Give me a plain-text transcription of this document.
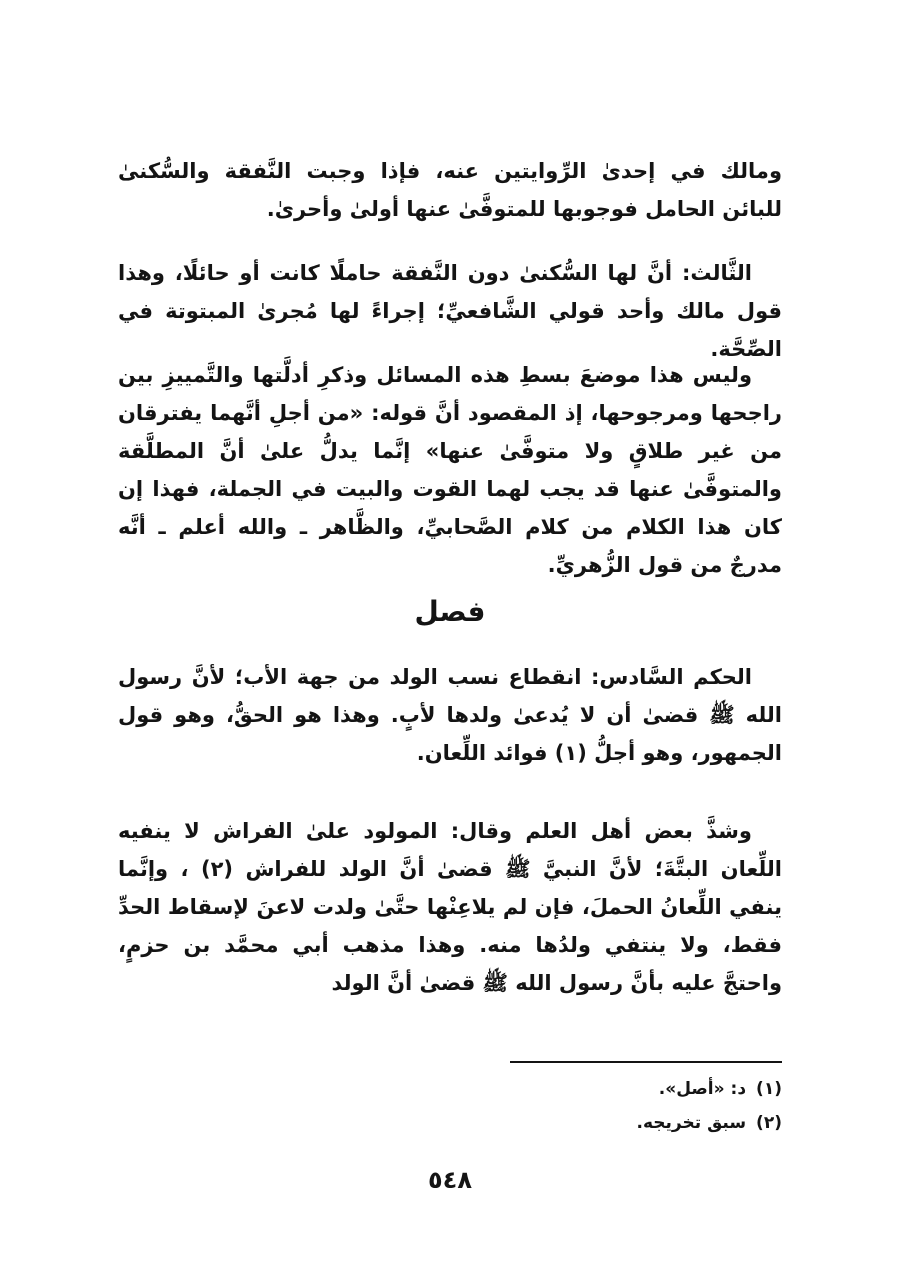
ومالك في إحدىٰ الرِّوايتين عنه، فإذا وجبت النَّفقة والسُّكنىٰ للبائن الحامل فوجوبها للمتوفَّىٰ عنها أولىٰ وأحرىٰ.

الثَّالث: أنَّ لها السُّكنىٰ دون النَّفقة حاملًا كانت أو حائلًا، وهذا قول مالك وأحد قولي الشَّافعيِّ؛ إجراءً لها مُجرىٰ المبتوتة في الصِّحَّة.

وليس هذا موضعَ بسطِ هذه المسائل وذكرِ أدلَّتها والتَّمييزِ بين راجحها ومرجوحها، إذ المقصود أنَّ قوله: «من أجلِ أنَّهما يفترقان من غير طلاقٍ ولا متوفَّىٰ عنها» إنَّما يدلُّ علىٰ أنَّ المطلَّقة والمتوفَّىٰ عنها قد يجب لهما القوت والبيت في الجملة، فهذا إن كان هذا الكلام من كلام الصَّحابيِّ، والظَّاهر ـ والله أعلم ـ أنَّه مدرجٌ من قول الزُّهريِّ.

فصل

الحكم السَّادس: انقطاع نسب الولد من جهة الأب؛ لأنَّ رسول الله ﷺ قضىٰ أن لا يُدعىٰ ولدها لأبٍ. وهذا هو الحقُّ، وهو قول الجمهور، وهو أجلُّ (١) فوائد اللِّعان.

وشذَّ بعض أهل العلم وقال: المولود علىٰ الفراش لا ينفيه اللِّعان البتَّةَ؛ لأنَّ النبيَّ ﷺ قضىٰ أنَّ الولد للفراش (٢) ، وإنَّما ينفي اللِّعانُ الحملَ، فإن لم يلاعِنْها حتَّىٰ ولدت لاعنَ لإسقاط الحدِّ فقط، ولا ينتفي ولدُها منه. وهذا مذهب أبي محمَّد بن حزمٍ، واحتجَّ عليه بأنَّ رسول الله ﷺ قضىٰ أنَّ الولد

(١)
د: «أصل».

(٢)
سبق تخريجه.

٥٤٨
